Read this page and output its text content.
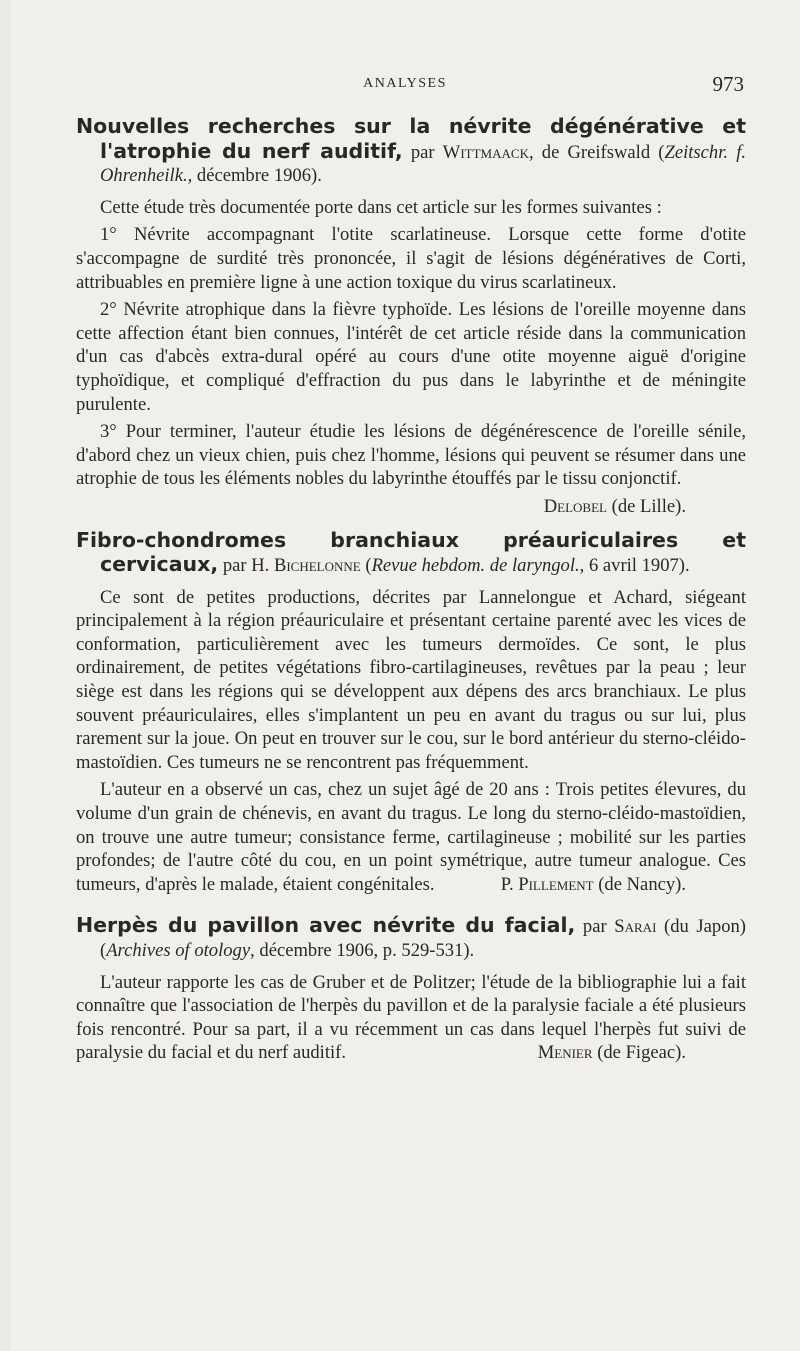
ANALYSES	973
Nouvelles recherches sur la névrite dégénérative et l'atrophie du nerf auditif, par Wittmaack, de Greifswald (Zeitschr. f. Ohrenheilk., décembre 1906).

Cette étude très documentée porte dans cet article sur les formes suivantes :

1° Névrite accompagnant l'otite scarlatineuse. Lorsque cette forme d'otite s'accompagne de surdité très prononcée, il s'agit de lésions dégénératives de Corti, attribuables en première ligne à une action toxique du virus scarlatineux.

2° Névrite atrophique dans la fièvre typhoïde. Les lésions de l'oreille moyenne dans cette affection étant bien connues, l'intérêt de cet article réside dans la communication d'un cas d'abcès extra-dural opéré au cours d'une otite moyenne aiguë d'origine typhoïdique, et compliqué d'effraction du pus dans le labyrinthe et de méningite purulente.

3° Pour terminer, l'auteur étudie les lésions de dégénérescence de l'oreille sénile, d'abord chez un vieux chien, puis chez l'homme, lésions qui peuvent se résumer dans une atrophie de tous les éléments nobles du labyrinthe étouffés par le tissu conjonctif.

Delobel (de Lille).
Fibro-chondromes branchiaux préauriculaires et cervicaux, par H. Bichelonne (Revue hebdom. de laryngol., 6 avril 1907).

Ce sont de petites productions, décrites par Lannelongue et Achard, siégeant principalement à la région préauriculaire et présentant certaine parenté avec les vices de conformation, particulièrement avec les tumeurs dermoïdes. Ce sont, le plus ordinairement, de petites végétations fibro-cartilagineuses, revêtues par la peau ; leur siège est dans les régions qui se développent aux dépens des arcs branchiaux. Le plus souvent préauriculaires, elles s'implantent un peu en avant du tragus ou sur lui, plus rarement sur la joue. On peut en trouver sur le cou, sur le bord antérieur du sterno-cléido-mastoïdien. Ces tumeurs ne se rencontrent pas fréquemment.

L'auteur en a observé un cas, chez un sujet âgé de 20 ans : Trois petites élevures, du volume d'un grain de chénevis, en avant du tragus. Le long du sterno-cléido-mastoïdien, on trouve une autre tumeur; consistance ferme, cartilagineuse ; mobilité sur les parties profondes; de l'autre côté du cou, en un point symétrique, autre tumeur analogue. Ces tumeurs, d'après le malade, étaient congénitales.	P. Pillement (de Nancy).

Herpès du pavillon avec névrite du facial, par Sarai (du Japon) (Archives of otology, décembre 1906, p. 529-531).

L'auteur rapporte les cas de Gruber et de Politzer; l'étude de la bibliographie lui a fait connaître que l'association de l'herpès du pavillon et de la paralysie faciale a été plusieurs fois rencontré. Pour sa part, il a vu récemment un cas dans lequel l'herpès fut suivi de paralysie du facial et du nerf auditif.	Menier (de Figeac).
